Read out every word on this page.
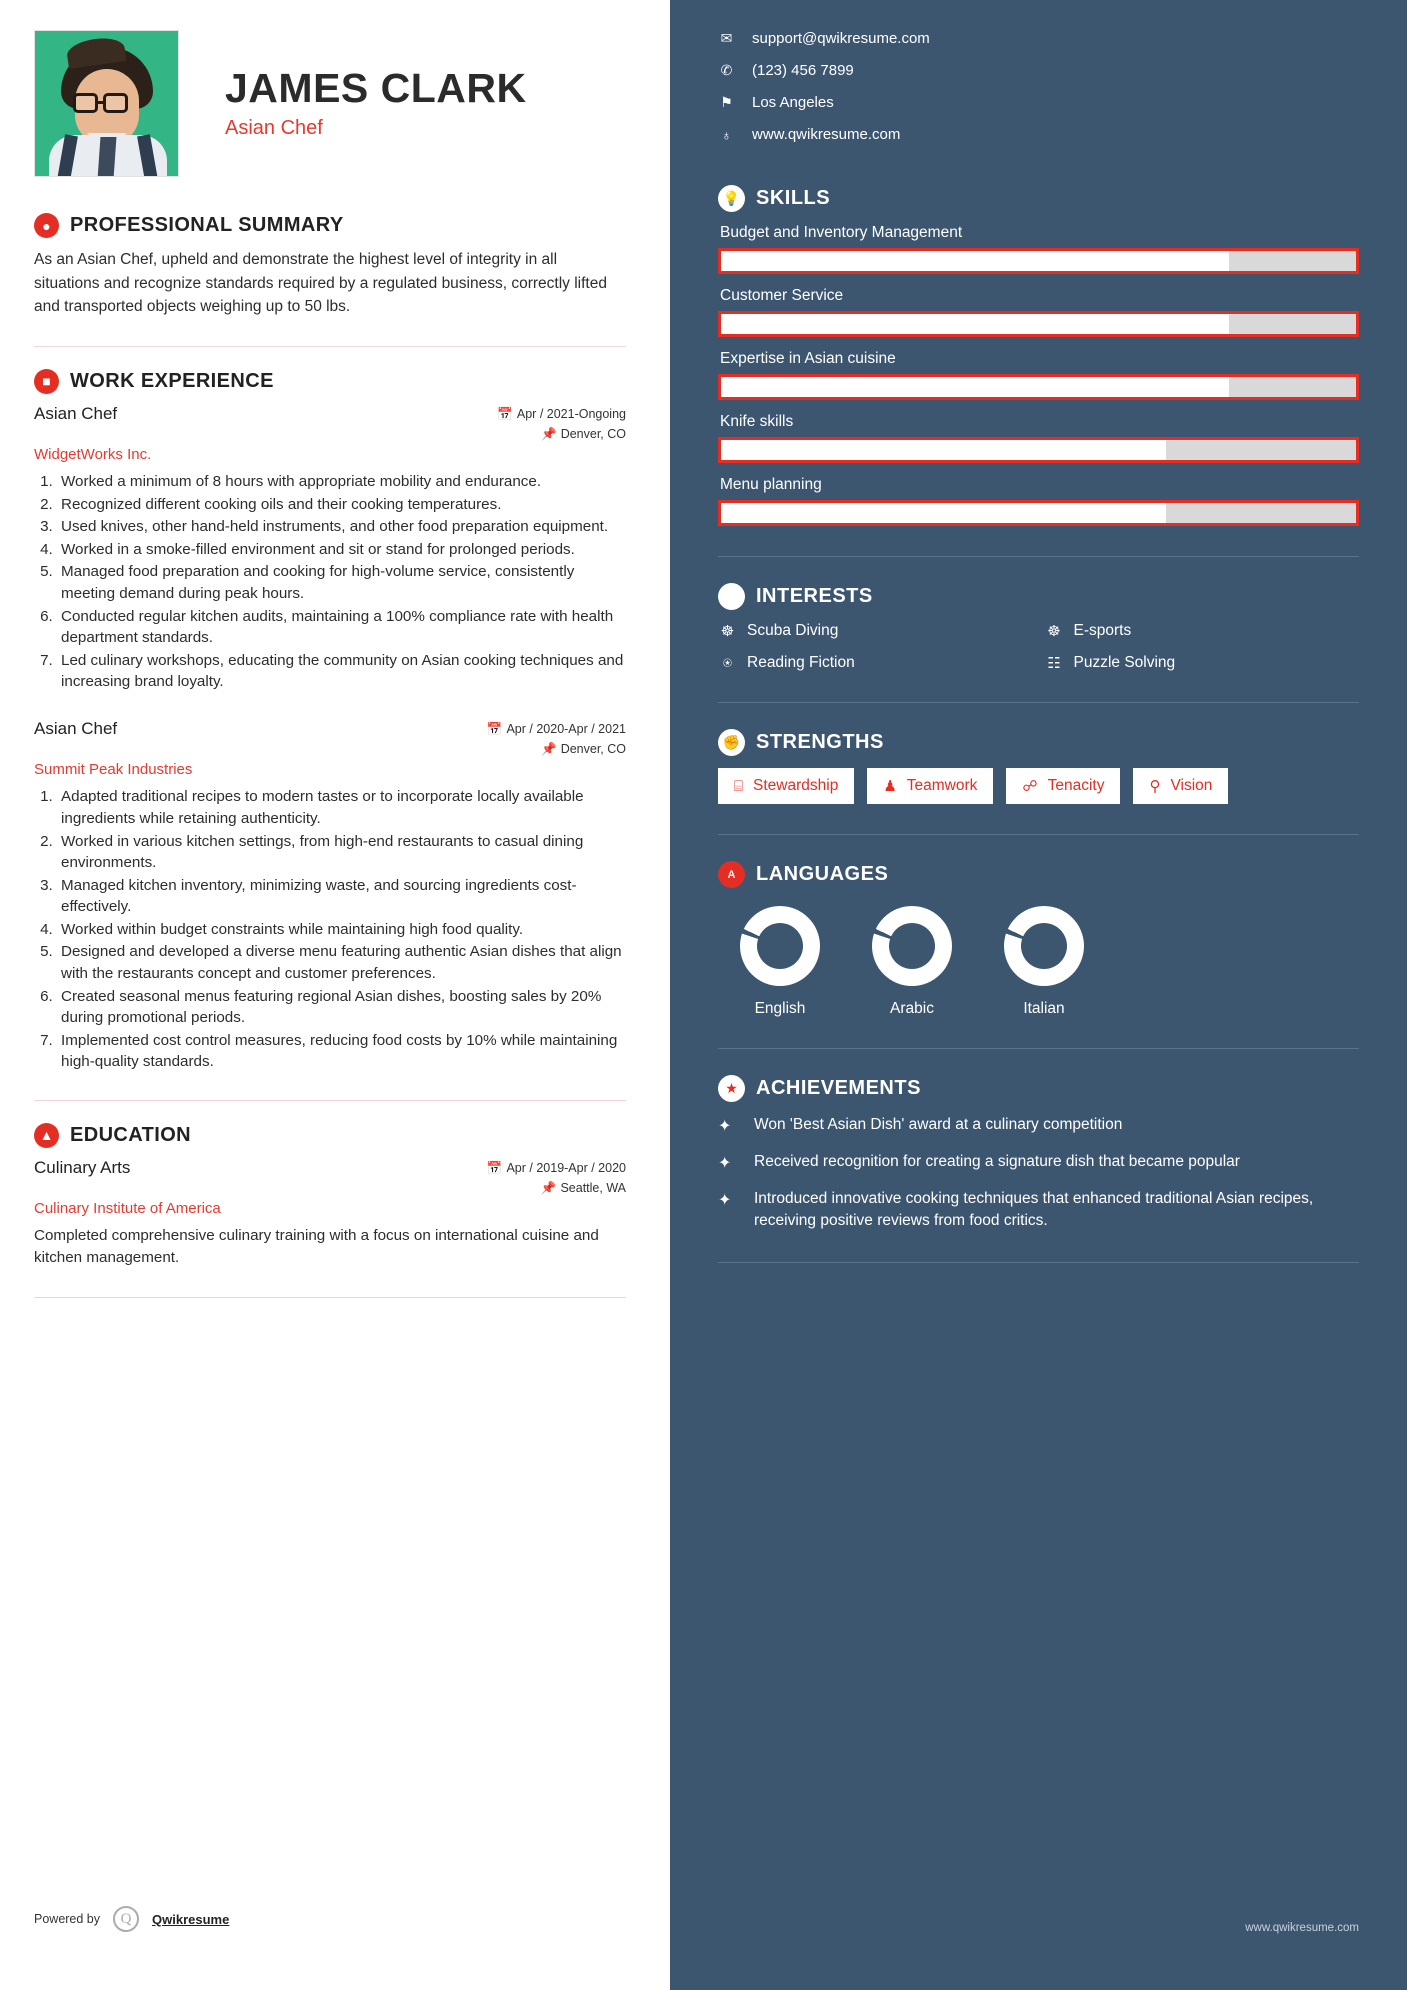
JAMES CLARK
Asian Chef
● PROFESSIONAL SUMMARY
As an Asian Chef, upheld and demonstrate the highest level of integrity in all situations and recognize standards required by a regulated business, correctly lifted and transported objects weighing up to 50 lbs.
■ WORK EXPERIENCE
Asian Chef	📅 Apr / 2021-Ongoing
📌 Denver, CO
WidgetWorks Inc.
1. Worked a minimum of 8 hours with appropriate mobility and endurance.
2. Recognized different cooking oils and their cooking temperatures.
3. Used knives, other hand-held instruments, and other food preparation equipment.
4. Worked in a smoke-filled environment and sit or stand for prolonged periods.
5. Managed food preparation and cooking for high-volume service, consistently meeting demand during peak hours.
6. Conducted regular kitchen audits, maintaining a 100% compliance rate with health department standards.
7. Led culinary workshops, educating the community on Asian cooking techniques and increasing brand loyalty.
Asian Chef	📅 Apr / 2020-Apr / 2021
📌 Denver, CO
Summit Peak Industries
1. Adapted traditional recipes to modern tastes or to incorporate locally available ingredients while retaining authenticity.
2. Worked in various kitchen settings, from high-end restaurants to casual dining environments.
3. Managed kitchen inventory, minimizing waste, and sourcing ingredients cost-effectively.
4. Worked within budget constraints while maintaining high food quality.
5. Designed and developed a diverse menu featuring authentic Asian dishes that align with the restaurants concept and customer preferences.
6. Created seasonal menus featuring regional Asian dishes, boosting sales by 20% during promotional periods.
7. Implemented cost control measures, reducing food costs by 10% while maintaining high-quality standards.
▲ EDUCATION
Culinary Arts	📅 Apr / 2019-Apr / 2020
📌 Seattle, WA
Culinary Institute of America
Completed comprehensive culinary training with a focus on international cuisine and kitchen management.
Powered by	Q	Qwikresume
✉ support@qwikresume.com
✆ (123) 456 7899
⚑ Los Angeles
♁ www.qwikresume.com
💡 SKILLS
Budget and Inventory Management
Customer Service
Expertise in Asian cuisine
Knife skills
Menu planning
➤ INTERESTS
☸ Scuba Diving	☸ E-sports
⍟ Reading Fiction	☷ Puzzle Solving
✊ STRENGTHS
⌸ Stewardship	♟ Teamwork	☍ Tenacity	⚲ Vision
A	LANGUAGES
English	Arabic	Italian
★ ACHIEVEMENTS
✦	Won 'Best Asian Dish' award at a culinary competition
✦	Received recognition for creating a signature dish that became popular
✦	Introduced innovative cooking techniques that enhanced traditional Asian recipes, receiving positive reviews from food critics.
www.qwikresume.com
